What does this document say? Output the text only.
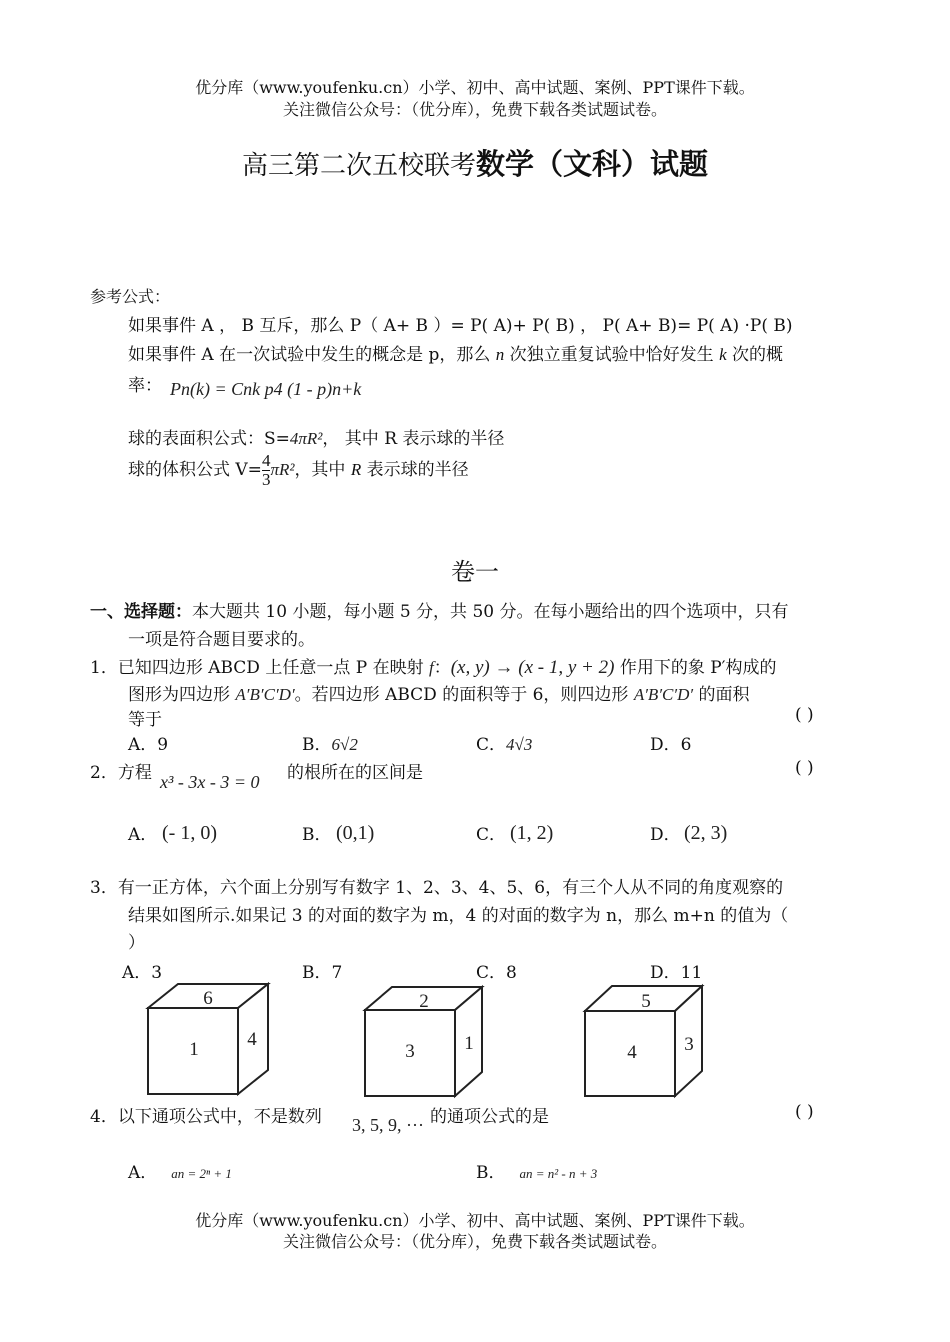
优分库（www.youfenku.cn）小学、初中、高中试题、案例、PPT课件下载。
关注微信公众号：（优分库），免费下载各类试题试卷。
高三第二次五校联考数学（文科）试题
参考公式：
如果事件 A ， B 互斥，那么 P（ A+ B ）= P( A)+ P( B) ， P( A+ B)= P( A) ·P( B)
如果事件 A 在一次试验中发生的概念是 p，那么 n 次独立重复试验中恰好发生 k 次的概
率： Pn(k) = Cnk p4 (1 - p)n+k
球的表面积公式：S=4πR²， 其中 R 表示球的半径
球的体积公式 $V= \frac{4}{3} \pi R^2$，其中 R 表示球的半径
卷一
一、选择题：本大题共 10 小题，每小题 5 分，共 50 分。在每小题给出的四个选项中，只有
一项是符合题目要求的。
1．已知四边形 ABCD 上任意一点 P 在映射 f：(x, y) → (x - 1, y + 2) 作用下的象 P′构成的
图形为四边形 A′B′C′D′。若四边形 ABCD 的面积等于 6，则四边形 A′B′C′D′ 的面积
等于	( )
A．9	B．6√2	C．4√3	D．6
2．方程 x³ - 3x - 3 = 0 的根所在的区间是	( )
A． (- 1, 0)	B． (0,1)	C． (1, 2)	D． (2, 3)
3．有一正方体，六个面上分别写有数字 1、2、3、4、5、6，有三个人从不同的角度观察的
结果如图所示.如果记 3 的对面的数字为 m，4 的对面的数字为 n，那么 m+n 的值为（
）
A．3	B．7	C．8	D．11
6
1	4
2
3	1
5
4	3
4．以下通项公式中，不是数列 3, 5, 9, ··· 的通项公式的是	( )
A． an = 2ⁿ + 1	B． an = n² - n + 3
优分库（www.youfenku.cn）小学、初中、高中试题、案例、PPT课件下载。
关注微信公众号：（优分库），免费下载各类试题试卷。
